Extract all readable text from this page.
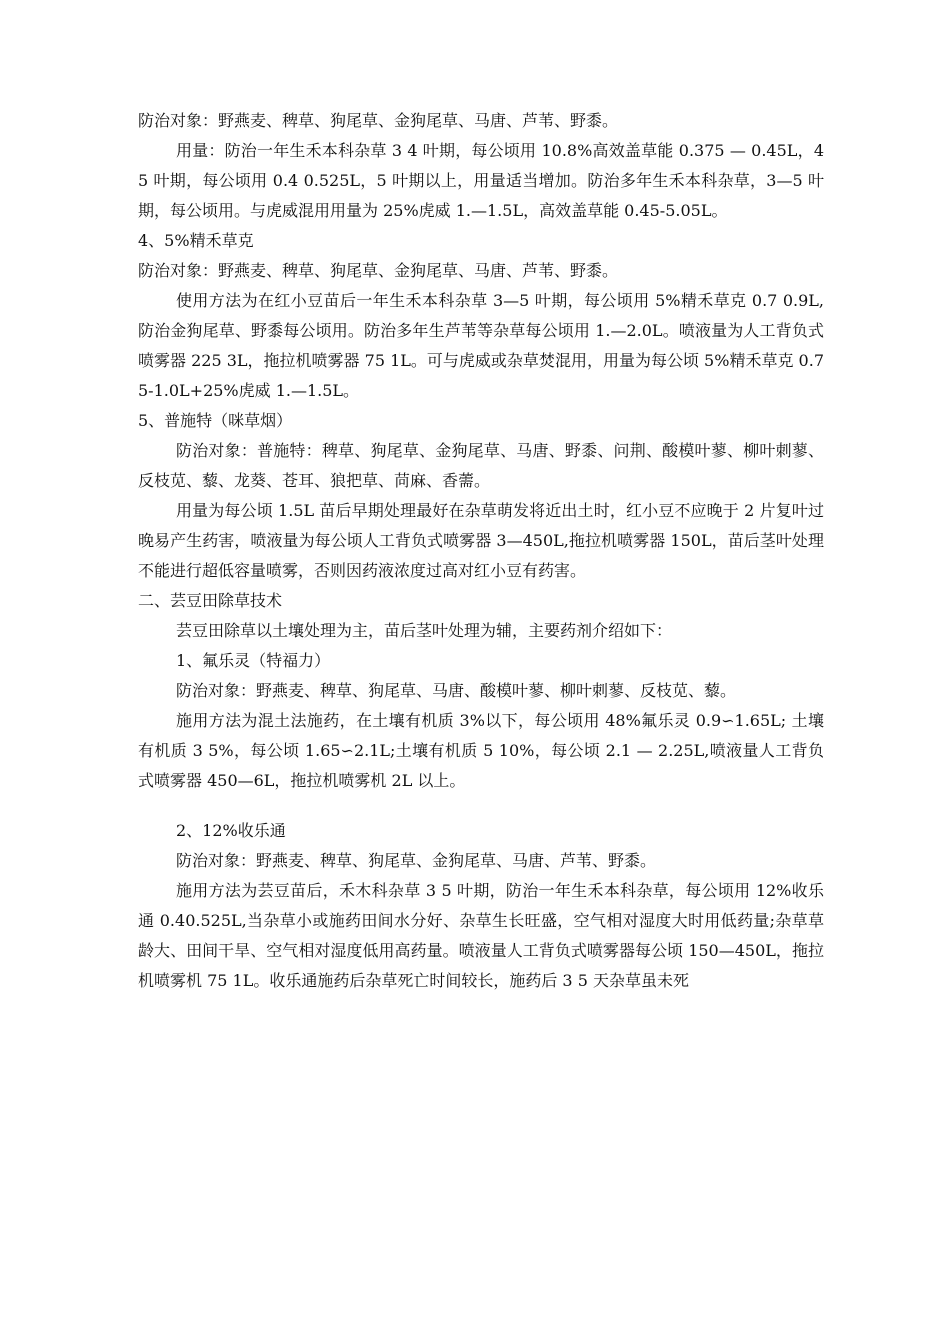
防治对象：野燕麦、稗草、狗尾草、金狗尾草、马唐、芦苇、野黍。

用量：防治一年生禾本科杂草 3 4 叶期，每公顷用 10.8%高效盖草能 0.375 — 0.45L，4 5 叶期，每公顷用 0.4 0.525L，5 叶期以上，用量适当增加。防治多年生禾本科杂草，3—5 叶期，每公顷用。与虎威混用用量为 25%虎威 1.—1.5L，高效盖草能 0.45-5.05L。

4、5%精禾草克

防治对象：野燕麦、稗草、狗尾草、金狗尾草、马唐、芦苇、野黍。

使用方法为在红小豆苗后一年生禾本科杂草 3—5 叶期，每公顷用 5%精禾草克 0.7 0.9L,防治金狗尾草、野黍每公顷用。防治多年生芦苇等杂草每公顷用 1.—2.0L。喷液量为人工背负式喷雾器 225 3L，拖拉机喷雾器 75 1L。可与虎威或杂草焚混用，用量为每公顷 5%精禾草克 0.75-1.0L+25%虎威 1.—1.5L。

5、普施特（咪草烟）

防治对象：普施特：稗草、狗尾草、金狗尾草、马唐、野黍、问荆、酸模叶蓼、柳叶刺蓼、反枝苋、藜、龙葵、苍耳、狼把草、苘麻、香薷。

用量为每公顷 1.5L 苗后早期处理最好在杂草萌发将近出土时，红小豆不应晚于 2 片复叶过晚易产生药害，喷液量为每公顷人工背负式喷雾器 3—450L,拖拉机喷雾器 150L，苗后茎叶处理不能进行超低容量喷雾，否则因药液浓度过高对红小豆有药害。

二、芸豆田除草技术

芸豆田除草以土壤处理为主，苗后茎叶处理为辅，主要药剂介绍如下：

1、氟乐灵（特福力）

防治对象：野燕麦、稗草、狗尾草、马唐、酸模叶蓼、柳叶刺蓼、反枝苋、藜。

施用方法为混土法施药，在土壤有机质 3%以下，每公顷用 48%氟乐灵 0.9∽1.65L; 土壤有机质 3 5%，每公顷 1.65∽2.1L;土壤有机质 5 10%，每公顷 2.1 — 2.25L,喷液量人工背负式喷雾器 450—6L，拖拉机喷雾机 2L 以上。

2、12%收乐通

防治对象：野燕麦、稗草、狗尾草、金狗尾草、马唐、芦苇、野黍。

施用方法为芸豆苗后，禾木科杂草 3 5 叶期，防治一年生禾本科杂草，每公顷用 12%收乐通 0.40.525L,当杂草小或施药田间水分好、杂草生长旺盛，空气相对湿度大时用低药量;杂草草龄大、田间干旱、空气相对湿度低用高药量。喷液量人工背负式喷雾器每公顷 150—450L，拖拉机喷雾机 75 1L。收乐通施药后杂草死亡时间较长，施药后 3 5 天杂草虽未死
